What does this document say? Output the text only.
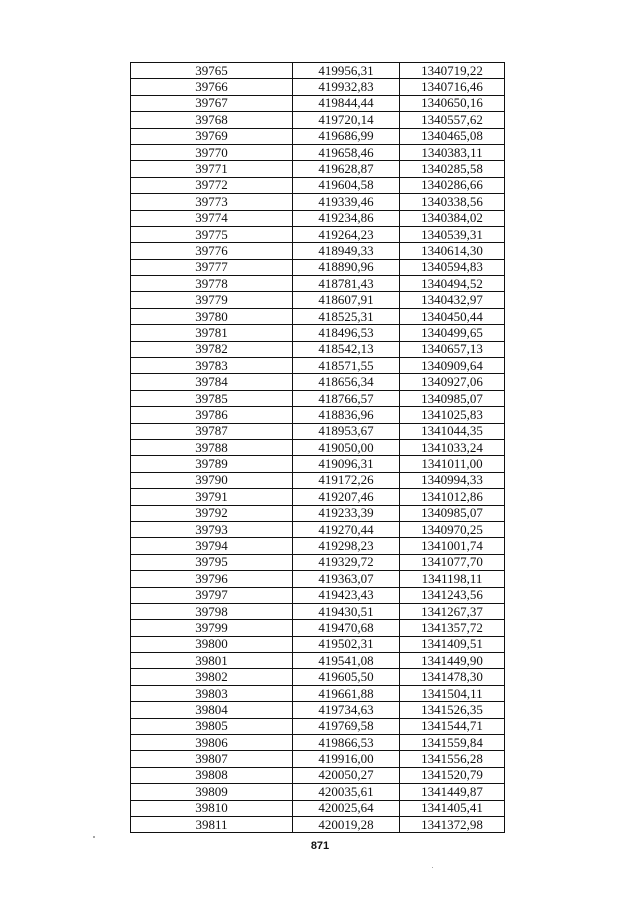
39765	419956,31	1340719,22
39766	419932,83	1340716,46
39767	419844,44	1340650,16
39768	419720,14	1340557,62
39769	419686,99	1340465,08
39770	419658,46	1340383,11
39771	419628,87	1340285,58
39772	419604,58	1340286,66
39773	419339,46	1340338,56
39774	419234,86	1340384,02
39775	419264,23	1340539,31
39776	418949,33	1340614,30
39777	418890,96	1340594,83
39778	418781,43	1340494,52
39779	418607,91	1340432,97
39780	418525,31	1340450,44
39781	418496,53	1340499,65
39782	418542,13	1340657,13
39783	418571,55	1340909,64
39784	418656,34	1340927,06
39785	418766,57	1340985,07
39786	418836,96	1341025,83
39787	418953,67	1341044,35
39788	419050,00	1341033,24
39789	419096,31	1341011,00
39790	419172,26	1340994,33
39791	419207,46	1341012,86
39792	419233,39	1340985,07
39793	419270,44	1340970,25
39794	419298,23	1341001,74
39795	419329,72	1341077,70
39796	419363,07	1341198,11
39797	419423,43	1341243,56
39798	419430,51	1341267,37
39799	419470,68	1341357,72
39800	419502,31	1341409,51
39801	419541,08	1341449,90
39802	419605,50	1341478,30
39803	419661,88	1341504,11
39804	419734,63	1341526,35
39805	419769,58	1341544,71
39806	419866,53	1341559,84
39807	419916,00	1341556,28
39808	420050,27	1341520,79
39809	420035,61	1341449,87
39810	420025,64	1341405,41
39811	420019,28	1341372,98
871
